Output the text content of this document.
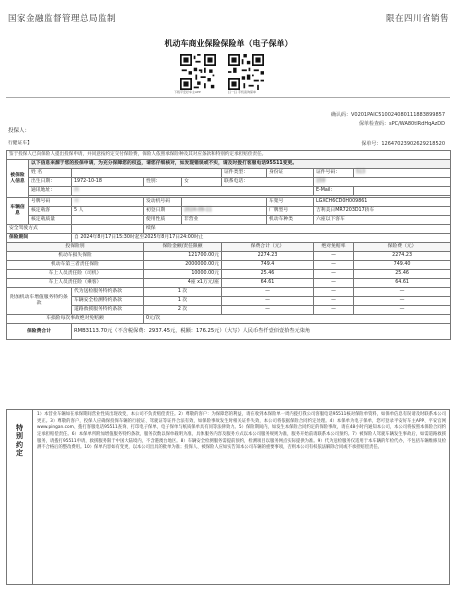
国家金融监督管理总局监制	限在四川省销售
机动车商业保险保险单（电子保单）
下载平安好车主APP	扫一扫 手机查询保单
确认码：V0201PAIC510024080111883899857
保单检查码：sPC/WA80tIRdHqAzDD
投保人：
行健证车】	保单号：12647023902629218520
鉴于投保人已向保险人提出投保申请，并同意按约定交付保险费，保险人依照承保险种及其对应条款和特别约定承担赔偿责任。								
被保险人信息	以下信息来源于您的投保申请，为充分保障您的权益，请您仔细核对，如发现错误或不实，请及时拨打客服电话95511变更。							
	姓 名				证件类型：	身份证	证件号码：	513
	出生日期：	1972-10-18	性别：	女	联系电话：		159	
	通讯地址：	四					E-Mail：	

车辆信息	号牌号码	川	发动机号码			车架号	LGXCH6CD0H009861	
	核定载客	5 人	初登日期	2024-09-11		厂牌型号	吉利美日MR7203D17轿车	
	核定载质量		使用性质	非营业		机动车种类	六座以下客车	
安全驾驶方式			续保					
保险期间		自 2024年8月17日15:30时起至2025年8月17日24:00时止						
投保险别			保险金额/责任限额		保费合计（元）		绝对免赔率	保险费（元）
机动车损失保险			121700.00元		2274.23		—	2274.23
机动车第三者责任保险			2000000.00元		749.4		—	749.40
车上人员责任险（司机）			10000.00元		25.46		—	25.46
车上人员责任险（乘客）			4座 x1万元/座		64.61		—	64.61
附加机动车增值服务特约条款		代为送检服务特约条款	1 次		—		—	—
		车辆安全检测特约条款	1 次		—		—	—
		道路救援服务特约条款	2 次		—		—	—
车损险每次事故绝对免赔额			0元/次					
保险费合计		RMB3113.70元（不含税保费：2937.45元，税额：176.25元）（大写）人民币叁仟壹佰壹拾叁元柒角						
特
别
约
定
1）本营业车辆如在承保期间营业性质出现改变，本公司不负责赔偿责任。2）尊敬的客户：为保障您的利益，请在收到本保险单一周内拨打我公司客服电话95511核对保险单资料，如保单信息有误请及时联系本公司更正。3）尊敬的客户，投保人应确保投保车辆的行驶证、驾驶证等证件合法有效，如保险事故发生时相关证件失效，本公司将依据保险合同约定处理。4）本保单为电子保单，您可登录平安好车主APP、平安官网www.pingan.com、拨打客服电话95511查询、打印电子保单，电子保单与纸质保单具有同等法律效力。5）保险期间内，如发生本保险合同约定的保险事故，请在48小时内通知本公司，本公司将按照本保险合同约定承担赔偿责任。6）本保单所附加增值服务特约条款，服务次数以保单载明为准，具体服务内容及服务方式以本公司服务规则为准，服务开始前请联系本公司预约。7）被保险人驾驶车辆发生事故后，如需道路救援服务，请拨打95511申请，救援服务限于中国大陆境内，不含港澳台地区。8）车辆安全检测服务需提前预约，检测项目以服务网点实际提供为准。9）代为送检服务仅适用于本车辆的年检代办，不包括车辆维修及检测不合格后的整改费用。10）保单内容如有变更，以本公司出具的批单为准；投保人、被保险人应如实告知本公司车辆的重要事项，否则本公司有权依法解除合同或不承担赔偿责任。
